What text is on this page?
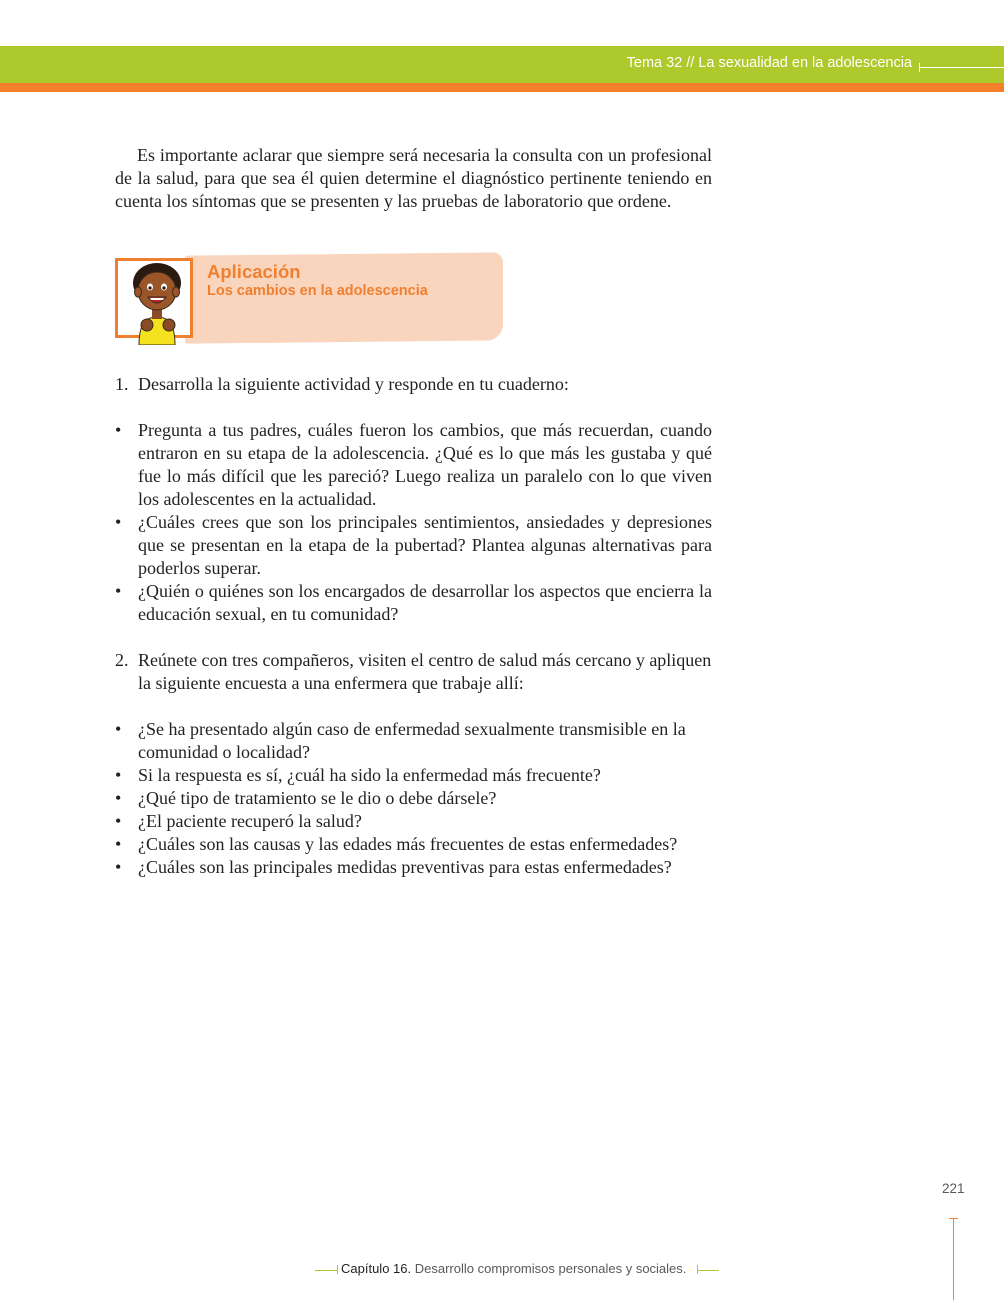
Tema 32 // La sexualidad en la adolescencia

Es importante aclarar que siempre será necesaria la consulta con un profesional de la salud, para que sea él quien determine el diagnóstico pertinente teniendo en cuenta los síntomas que se presenten y las pruebas de laboratorio que ordene.

Aplicación
Los cambios en la adolescencia
1. Desarrolla la siguiente actividad y responde en tu cuaderno:
• Pregunta a tus padres, cuáles fueron los cambios, que más recuerdan, cuando entraron en su etapa de la adolescencia. ¿Qué es lo que más les gustaba y qué fue lo más difícil que les pareció? Luego realiza un paralelo con lo que viven los adolescentes en la actualidad.
• ¿Cuáles crees que son los principales sentimientos, ansiedades y depresiones que se presentan en la etapa de la pubertad? Plantea algunas alternativas para poderlos superar.
• ¿Quién o quiénes son los encargados de desarrollar los aspectos que encierra la educación sexual, en tu comunidad?
2. Reúnete con tres compañeros, visiten el centro de salud más cercano y apliquen la siguiente encuesta a una enfermera que trabaje allí:
• ¿Se ha presentado algún caso de enfermedad sexualmente transmisible en la comunidad o localidad?
• Si la respuesta es sí, ¿cuál ha sido la enfermedad más frecuente?
• ¿Qué tipo de tratamiento se le dio o debe dársele?
• ¿El paciente recuperó la salud?
• ¿Cuáles son las causas y las edades más frecuentes de estas enfermedades?
• ¿Cuáles son las principales medidas preventivas para estas enfermedades?
221
Capítulo 16. Desarrollo compromisos personales y sociales.
